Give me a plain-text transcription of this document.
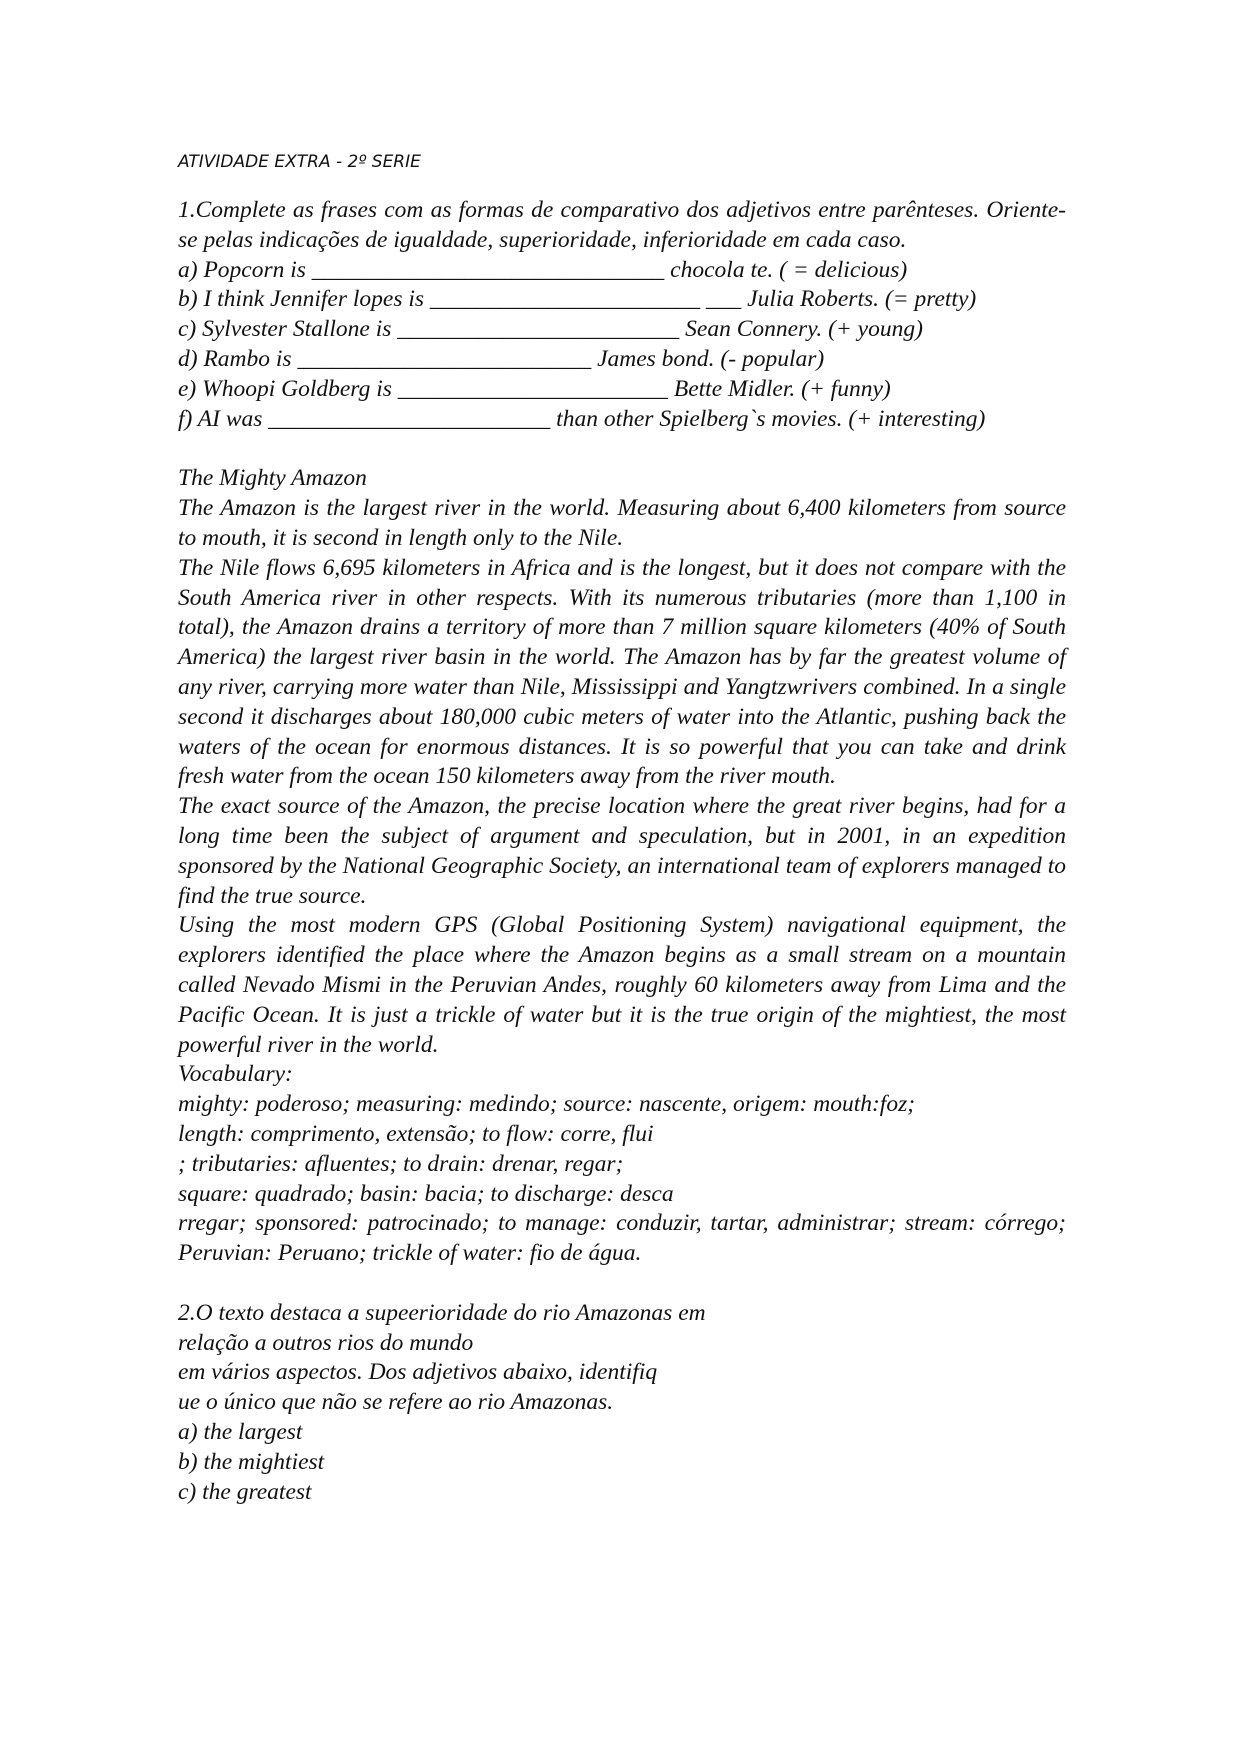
ATIVIDADE EXTRA - 2º SERIE

1.Complete as frases com as formas de comparativo dos adjetivos entre parênteses. Oriente-se pelas indicações de igualdade, superioridade, inferioridade em cada caso.

a) Popcorn is ______________________________ chocola te. ( = delicious)

b) I think Jennifer lopes is _______________________ ___ Julia Roberts. (= pretty)

c) Sylvester Stallone is ________________________ Sean Connery. (+ young)

d) Rambo is _________________________ James bond. (- popular)

e) Whoopi Goldberg is _______________________ Bette Midler. (+ funny)

f) AI was ________________________ than other Spielberg`s movies. (+ interesting)

The Mighty Amazon

The Amazon is the largest river in the world. Measuring about 6,400 kilometers from source to mouth, it is second in length only to the Nile.

The Nile flows 6,695 kilometers in Africa and is the longest, but it does not compare with the South America river in other respects. With its numerous tributaries (more than 1,100 in total), the Amazon drains a territory of more than 7 million square kilometers (40% of South America) the largest river basin in the world. The Amazon has by far the greatest volume of any river, carrying more water than Nile, Mississippi and Yangtzwrivers combined. In a single second it discharges about 180,000 cubic meters of water into the Atlantic, pushing back the waters of the ocean for enormous distances. It is so powerful that you can take and drink fresh water from the ocean 150 kilometers away from the river mouth.

The exact source of the Amazon, the precise location where the great river begins, had for a long time been the subject of argument and speculation, but in 2001, in an expedition sponsored by the National Geographic Society, an international team of explorers managed to find the true source.

Using the most modern GPS (Global Positioning System) navigational equipment, the explorers identified the place where the Amazon begins as a small stream on a mountain called Nevado Mismi in the Peruvian Andes, roughly 60 kilometers away from Lima and the Pacific Ocean. It is just a trickle of water but it is the true origin of the mightiest, the most powerful river in the world.

Vocabulary:

mighty: poderoso; measuring: medindo; source: nascente, origem: mouth:foz;

length: comprimento, extensão; to flow: corre, flui

; tributaries: afluentes; to drain: drenar, regar;

square: quadrado; basin: bacia; to discharge: desca

rregar; sponsored: patrocinado; to manage: conduzir, tartar, administrar; stream: córrego; Peruvian: Peruano; trickle of water: fio de água.

2.O texto destaca a supeerioridade do rio Amazonas em

relação a outros rios do mundo

em vários aspectos. Dos adjetivos abaixo, identifiq

ue o único que não se refere ao rio Amazonas.

a) the largest

b) the mightiest

c) the greatest
